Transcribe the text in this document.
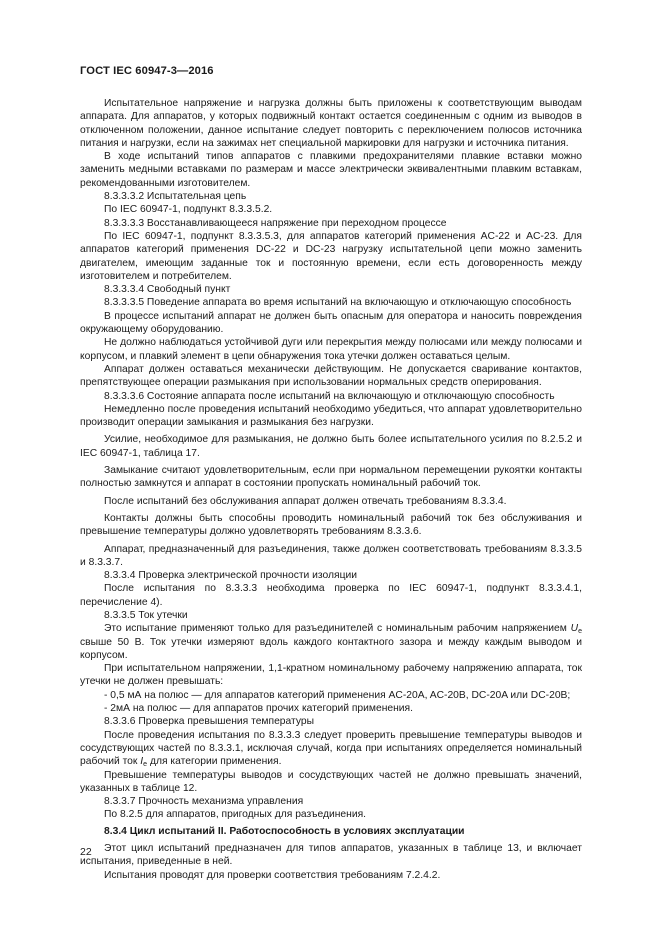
ГОСТ IEC 60947-3—2016

Испытательное напряжение и нагрузка должны быть приложены к соответствующим выводам аппарата. Для аппаратов, у которых подвижный контакт остается соединенным с одним из выводов в отключенном положении, данное испытание следует повторить с переключением полюсов источника питания и нагрузки, если на зажимах нет специальной маркировки для нагрузки и источника питания.

В ходе испытаний типов аппаратов с плавкими предохранителями плавкие вставки можно заменить медными вставками по размерам и массе электрически эквивалентными плавким вставкам, рекомендованными изготовителем.

8.3.3.3.2 Испытательная цепь

По IEC 60947-1, подпункт 8.3.3.5.2.

8.3.3.3.3 Восстанавливающееся напряжение при переходном процессе

По IEC 60947-1, подпункт 8.3.3.5.3, для аппаратов категорий применения AC-22 и AC-23. Для аппаратов категорий применения DC-22 и DC-23 нагрузку испытательной цепи можно заменить двигателем, имеющим заданные ток и постоянную времени, если есть договоренность между изготовителем и потребителем.

8.3.3.3.4 Свободный пункт

8.3.3.3.5 Поведение аппарата во время испытаний на включающую и отключающую способность

В процессе испытаний аппарат не должен быть опасным для оператора и наносить повреждения окружающему оборудованию.

Не должно наблюдаться устойчивой дуги или перекрытия между полюсами или между полюсами и корпусом, и плавкий элемент в цепи обнаружения тока утечки должен оставаться целым.

Аппарат должен оставаться механически действующим. Не допускается сваривание контактов, препятствующее операции размыкания при использовании нормальных средств оперирования.

8.3.3.3.6 Состояние аппарата после испытаний на включающую и отключающую способность

Немедленно после проведения испытаний необходимо убедиться, что аппарат удовлетворительно производит операции замыкания и размыкания без нагрузки.

Усилие, необходимое для размыкания, не должно быть более испытательного усилия по 8.2.5.2 и IEC 60947-1, таблица 17.

Замыкание считают удовлетворительным, если при нормальном перемещении рукоятки контакты полностью замкнутся и аппарат в состоянии пропускать номинальный рабочий ток.

После испытаний без обслуживания аппарат должен отвечать требованиям 8.3.3.4.

Контакты должны быть способны проводить номинальный рабочий ток без обслуживания и превышение температуры должно удовлетворять требованиям 8.3.3.6.

Аппарат, предназначенный для разъединения, также должен соответствовать требованиям 8.3.3.5 и 8.3.3.7.

8.3.3.4 Проверка электрической прочности изоляции

После испытания по 8.3.3.3 необходима проверка по IEC 60947-1, подпункт 8.3.3.4.1, перечисление 4).

8.3.3.5 Ток утечки

Это испытание применяют только для разъединителей с номинальным рабочим напряжением $U_e$ свыше 50 В. Ток утечки измеряют вдоль каждого контактного зазора и между каждым выводом и корпусом.

При испытательном напряжении, 1,1-кратном номинальному рабочему напряжению аппарата, ток утечки не должен превышать:

- 0,5 мА на полюс — для аппаратов категорий применения AC-20A, AC-20B, DC-20A или DC-20B;

- 2мА на полюс — для аппаратов прочих категорий применения.

8.3.3.6 Проверка превышения температуры

После проведения испытания по 8.3.3.3 следует проверить превышение температуры выводов и сосудствующих частей по 8.3.3.1, исключая случай, когда при испытаниях определяется номинальный рабочий ток $I_e$ для категории применения.

Превышение температуры выводов и сосудствующих частей не должно превышать значений, указанных в таблице 12.

8.3.3.7 Прочность механизма управления

По 8.2.5 для аппаратов, пригодных для разъединения.

8.3.4 Цикл испытаний II. Работоспособность в условиях эксплуатации

Этот цикл испытаний предназначен для типов аппаратов, указанных в таблице 13, и включает испытания, приведенные в ней.

Испытания проводят для проверки соответствия требованиям 7.2.4.2.

22
